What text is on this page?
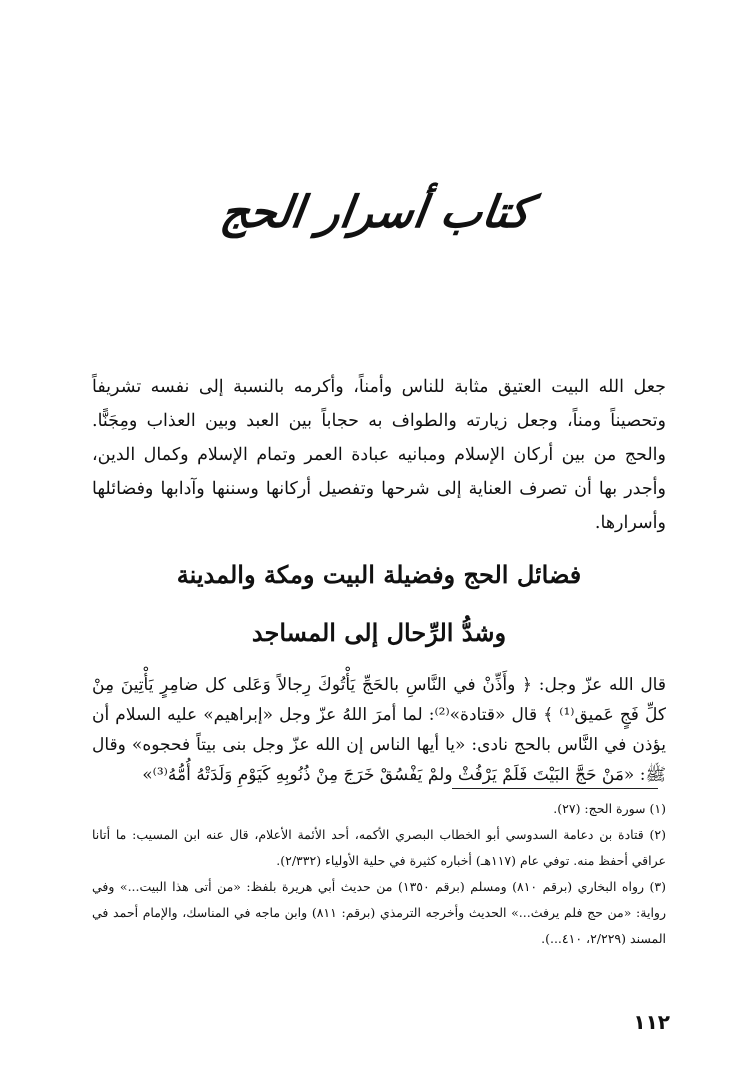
كتاب أسرار الحج
جعل الله البيت العتيق مثابة للناس وأمناً، وأكرمه بالنسبة إلى نفسه تشريفاً وتحصيناً ومناً، وجعل زيارته والطواف به حجاباً بين العبد وبين العذاب ومِجَنًّا. والحج من بين أركان الإسلام ومبانيه عبادة العمر وتمام الإسلام وكمال الدين، وأجدر بها أن تصرف العناية إلى شرحها وتفصيل أركانها وسننها وآدابها وفضائلها وأسرارها.
فضائل الحج وفضيلة البيت ومكة والمدينة
وشدُّ الرِّحال إلى المساجد
قال الله عزّ وجل: ﴿ وأَذِّنْ في النَّاسِ بالحَجِّ يَأْتُوكَ رِجالاً وَعَلى كل ضامِرٍ يَأْتِينَ مِنْ كلِّ فَجٍ عَميق⁽¹⁾ ﴾ قال «قتادة»⁽²⁾: لما أمرَ اللهُ عزّ وجل «إبراهيم» عليه السلام أن يؤذن في النَّاس بالحج نادى: «يا أيها الناس إن الله عزّ وجل بنى بيتاً فحجوه» وقال ﷺ: «مَنْ حَجَّ البَيْتَ فَلَمْ يَرْفُثْ ولمْ يَفْسُقْ خَرَجَ مِنْ ذُنُوبِهِ كَيَوْمِ وَلَدَتْهُ أُمُّهُ⁽³⁾»

(١) سورة الحج: (٢٧).

(٢) قتادة بن دعامة السدوسي أبو الخطاب البصري الأكمه، أحد الأئمة الأعلام، قال عنه ابن المسيب: ما أتانا عراقي أحفظ منه. توفي عام (١١٧هـ) أخباره كثيرة في حلية الأولياء (٢/٣٣٢).

(٣) رواه البخاري (برقم ٨١٠) ومسلم (برقم ١٣٥٠) من حديث أبي هريرة بلفظ: «من أتى هذا البيت...» وفي رواية: «من حج فلم يرفث...» الحديث وأخرجه الترمذي (برقم: ٨١١) وابن ماجه في المناسك، والإمام أحمد في المسند (٢/٢٢٩، ٤١٠...).

١١٢
